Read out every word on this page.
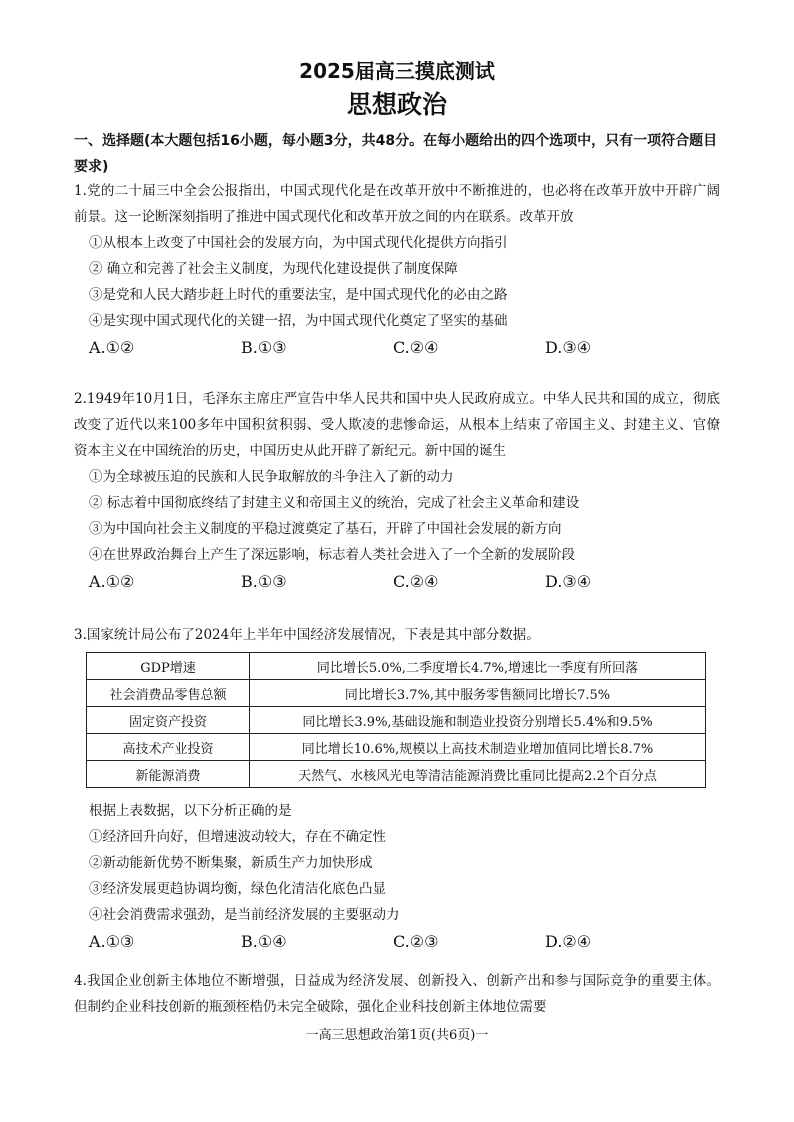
2025届高三摸底测试
思想政治
一、选择题(本大题包括16小题，每小题3分，共48分。在每小题给出的四个选项中，只有一项符合题目要求)
1.党的二十届三中全会公报指出，中国式现代化是在改革开放中不断推进的，也必将在改革开放中开辟广阔前景。这一论断深刻指明了推进中国式现代化和改革开放之间的内在联系。改革开放
①从根本上改变了中国社会的发展方向，为中国式现代化提供方向指引
② 确立和完善了社会主义制度，为现代化建设提供了制度保障
③是党和人民大踏步赶上时代的重要法宝，是中国式现代化的必由之路
④是实现中国式现代化的关键一招，为中国式现代化奠定了坚实的基础
A.①②	B.①③	C.②④	D.③④
2.1949年10月1日，毛泽东主席庄严宣告中华人民共和国中央人民政府成立。中华人民共和国的成立，彻底改变了近代以来100多年中国积贫积弱、受人欺凌的悲惨命运，从根本上结束了帝国主义、封建主义、官僚资本主义在中国统治的历史，中国历史从此开辟了新纪元。新中国的诞生
①为全球被压迫的民族和人民争取解放的斗争注入了新的动力
② 标志着中国彻底终结了封建主义和帝国主义的统治，完成了社会主义革命和建设
③为中国向社会主义制度的平稳过渡奠定了基石，开辟了中国社会发展的新方向
④在世界政治舞台上产生了深远影响，标志着人类社会进入了一个全新的发展阶段
A.①②	B.①③	C.②④	D.③④
3.国家统计局公布了2024年上半年中国经济发展情况，下表是其中部分数据。
GDP增速	同比增长5.0%,二季度增长4.7%,增速比一季度有所回落
社会消费品零售总额	同比增长3.7%,其中服务零售额同比增长7.5%
固定资产投资	同比增长3.9%,基础设施和制造业投资分别增长5.4%和9.5%
高技术产业投资	同比增长10.6%,规模以上高技术制造业增加值同比增长8.7%
新能源消费	天然气、水核风光电等清洁能源消费比重同比提高2.2个百分点
根据上表数据，以下分析正确的是
①经济回升向好，但增速波动较大，存在不确定性
②新动能新优势不断集聚，新质生产力加快形成
③经济发展更趋协调均衡，绿色化清洁化底色凸显
④社会消费需求强劲，是当前经济发展的主要驱动力
A.①③	B.①④	C.②③	D.②④
4.我国企业创新主体地位不断增强，日益成为经济发展、创新投入、创新产出和参与国际竞争的重要主体。但制约企业科技创新的瓶颈桎梏仍未完全破除，强化企业科技创新主体地位需要
一高三思想政治第1页(共6页)一
